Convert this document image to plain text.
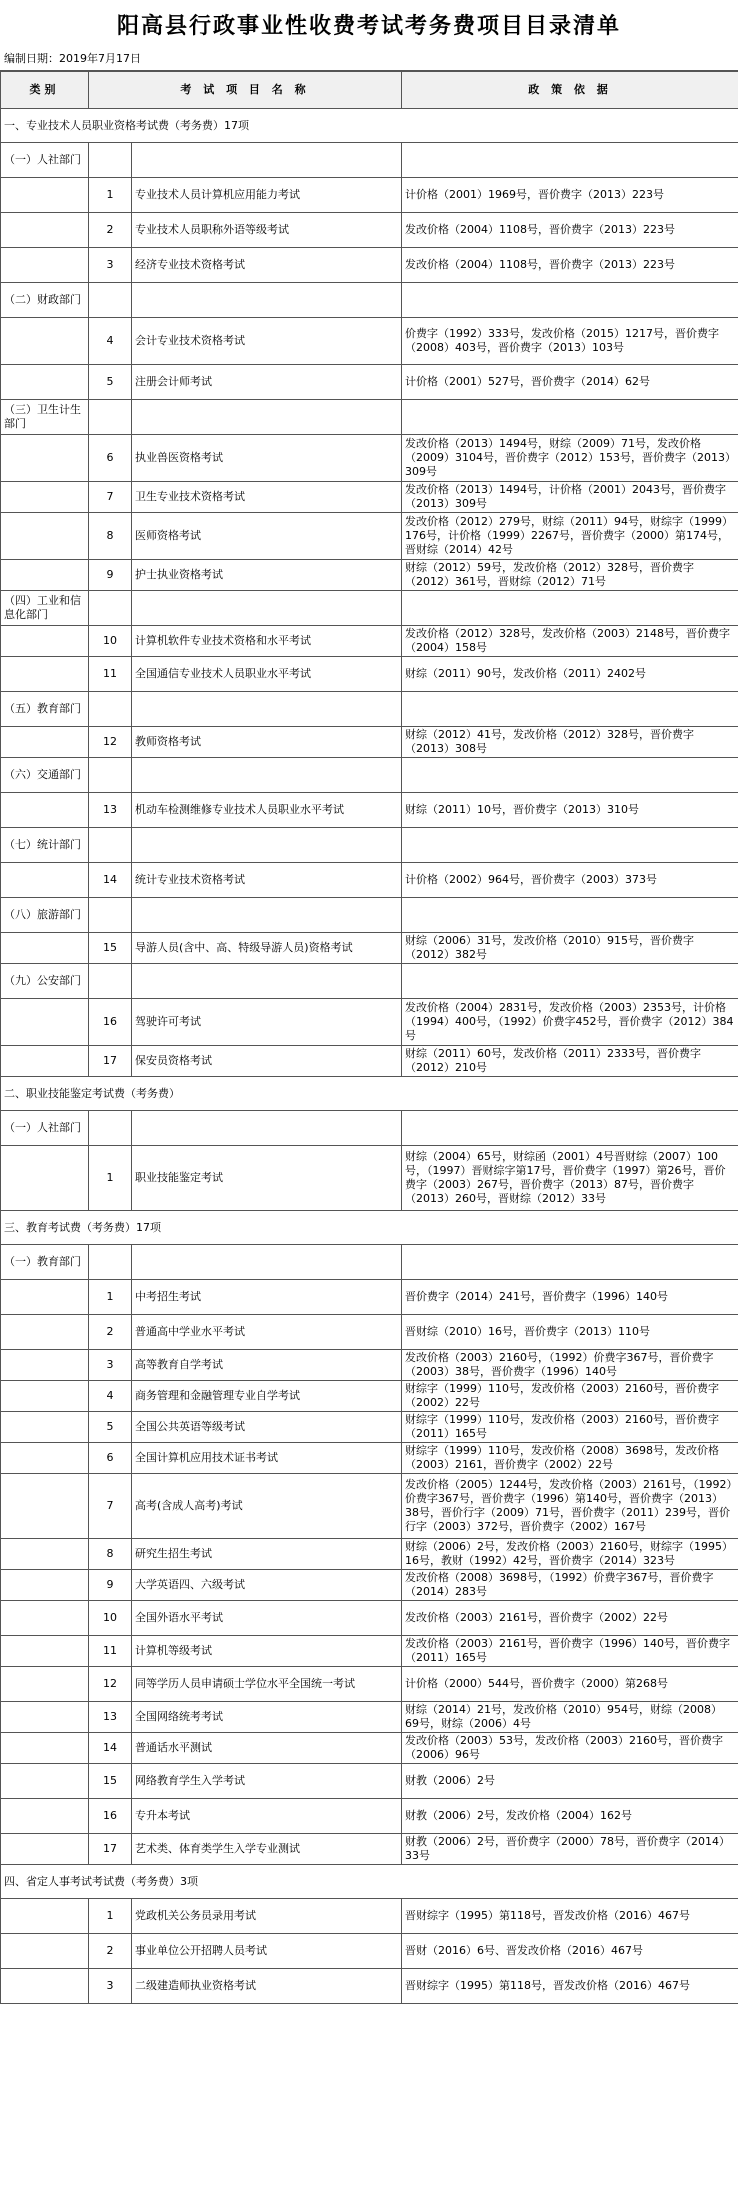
阳高县行政事业性收费考试考务费项目目录清单
编制日期：2019年7月17日
类别	考 试 项 目 名 称		政 策 依 据
一、专业技术人员职业资格考试费（考务费）17项			
（一）人社部门			
	1	专业技术人员计算机应用能力考试	计价格（2001）1969号，晋价费字（2013）223号
	2	专业技术人员职称外语等级考试	发改价格（2004）1108号，晋价费字（2013）223号
	3	经济专业技术资格考试	发改价格（2004）1108号，晋价费字（2013）223号
（二）财政部门			
	4	会计专业技术资格考试	价费字（1992）333号，发改价格（2015）1217号，晋价费字（2008）403号，晋价费字（2013）103号
	5	注册会计师考试	计价格（2001）527号，晋价费字（2014）62号
（三）卫生计生部门			
	6	执业兽医资格考试	发改价格（2013）1494号，财综（2009）71号，发改价格（2009）3104号，晋价费字（2012）153号，晋价费字（2013）309号
	7	卫生专业技术资格考试	发改价格（2013）1494号，计价格（2001）2043号，晋价费字（2013）309号
	8	医师资格考试	发改价格（2012）279号，财综（2011）94号，财综字（1999）176号，计价格（1999）2267号，晋价费字（2000）第174号，晋财综（2014）42号
	9	护士执业资格考试	财综（2012）59号，发改价格（2012）328号，晋价费字（2012）361号，晋财综（2012）71号
（四）工业和信息化部门			
	10	计算机软件专业技术资格和水平考试	发改价格（2012）328号，发改价格（2003）2148号，晋价费字（2004）158号
	11	全国通信专业技术人员职业水平考试	财综（2011）90号，发改价格（2011）2402号
（五）教育部门			
	12	教师资格考试	财综（2012）41号，发改价格（2012）328号，晋价费字（2013）308号
（六）交通部门			
	13	机动车检测维修专业技术人员职业水平考试	财综（2011）10号，晋价费字（2013）310号
（七）统计部门			
	14	统计专业技术资格考试	计价格（2002）964号，晋价费字（2003）373号
（八）旅游部门			
	15	导游人员(含中、高、特级导游人员)资格考试	财综（2006）31号，发改价格（2010）915号，晋价费字（2012）382号
（九）公安部门			
	16	驾驶许可考试	发改价格（2004）2831号，发改价格（2003）2353号，计价格（1994）400号，（1992）价费字452号，晋价费字（2012）384号
	17	保安员资格考试	财综（2011）60号，发改价格（2011）2333号，晋价费字（2012）210号
二、职业技能鉴定考试费（考务费）			
（一）人社部门			
	1	职业技能鉴定考试	财综（2004）65号，财综函（2001）4号晋财综（2007）100号，（1997）晋财综字第17号，晋价费字（1997）第26号，晋价费字（2003）267号，晋价费字（2013）87号，晋价费字（2013）260号，晋财综（2012）33号
三、教育考试费（考务费）17项			
（一）教育部门			
	1	中考招生考试	晋价费字（2014）241号，晋价费字（1996）140号
	2	普通高中学业水平考试	晋财综（2010）16号，晋价费字（2013）110号
	3	高等教育自学考试	发改价格（2003）2160号，（1992）价费字367号，晋价费字（2003）38号，晋价费字（1996）140号
	4	商务管理和金融管理专业自学考试	财综字（1999）110号，发改价格（2003）2160号，晋价费字（2002）22号
	5	全国公共英语等级考试	财综字（1999）110号，发改价格（2003）2160号，晋价费字（2011）165号
	6	全国计算机应用技术证书考试	财综字（1999）110号，发改价格（2008）3698号，发改价格（2003）2161，晋价费字（2002）22号
	7	高考(含成人高考)考试	发改价格（2005）1244号，发改价格（2003）2161号，（1992）价费字367号，晋价费字（1996）第140号，晋价费字（2013）38号，晋价行字（2009）71号，晋价费字（2011）239号，晋价行字（2003）372号，晋价费字（2002）167号
	8	研究生招生考试	财综（2006）2号，发改价格（2003）2160号，财综字（1995）16号，教财（1992）42号，晋价费字（2014）323号
	9	大学英语四、六级考试	发改价格（2008）3698号，（1992）价费字367号，晋价费字（2014）283号
	10	全国外语水平考试	发改价格（2003）2161号，晋价费字（2002）22号
	11	计算机等级考试	发改价格（2003）2161号，晋价费字（1996）140号，晋价费字（2011）165号
	12	同等学历人员申请硕士学位水平全国统一考试	计价格（2000）544号，晋价费字（2000）第268号
	13	全国网络统考考试	财综（2014）21号，发改价格（2010）954号，财综（2008）69号，财综（2006）4号
	14	普通话水平测试	发改价格（2003）53号，发改价格（2003）2160号，晋价费字（2006）96号
	15	网络教育学生入学考试	财教（2006）2号
	16	专升本考试	财教（2006）2号，发改价格（2004）162号
	17	艺术类、体育类学生入学专业测试	财教（2006）2号，晋价费字（2000）78号，晋价费字（2014）33号
四、省定人事考试考试费（考务费）3项			
	1	党政机关公务员录用考试	晋财综字（1995）第118号，晋发改价格（2016）467号
	2	事业单位公开招聘人员考试	晋财（2016）6号、晋发改价格（2016）467号
	3	二级建造师执业资格考试	晋财综字（1995）第118号，晋发改价格（2016）467号
